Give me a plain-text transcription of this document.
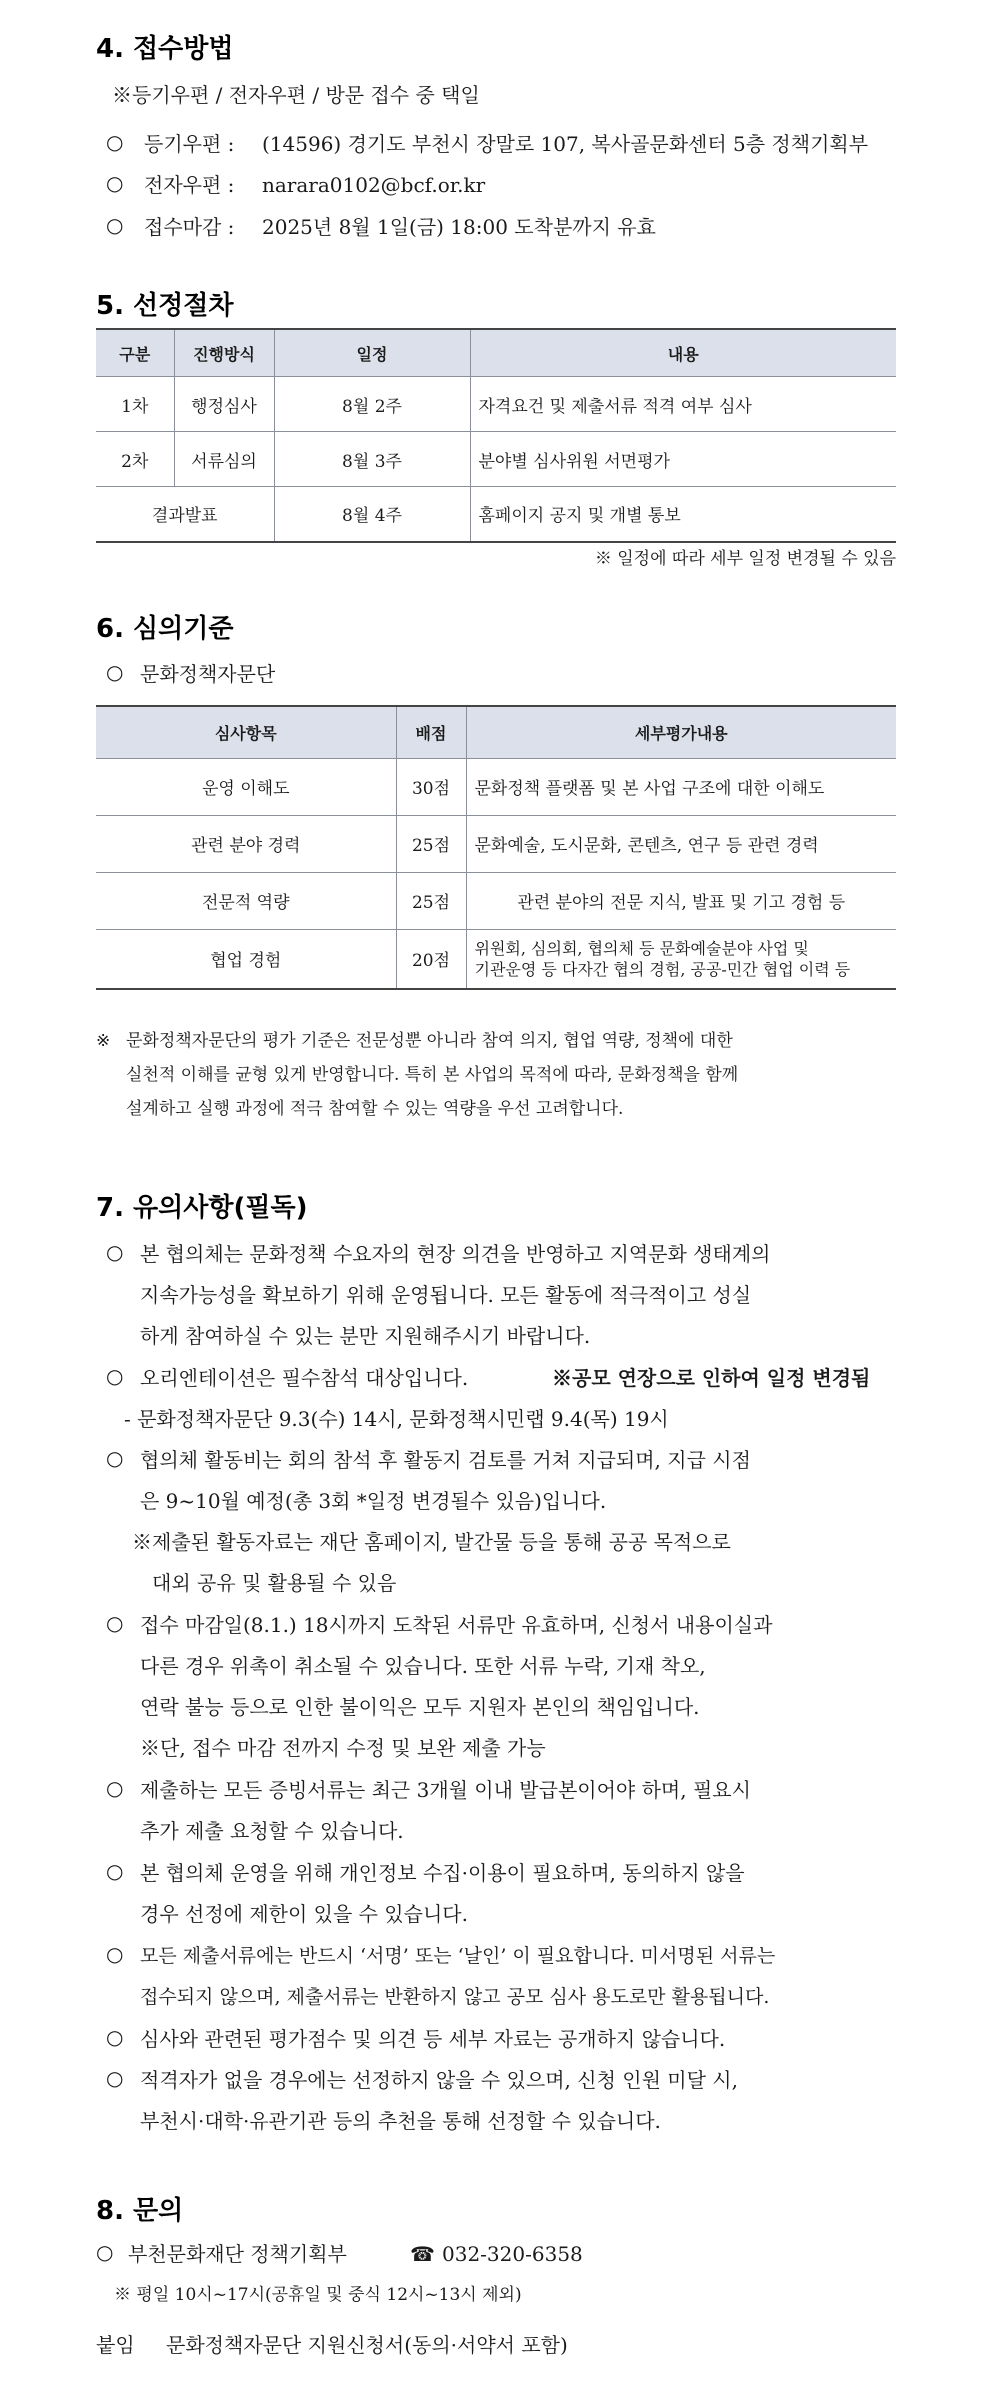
4. 접수방법
※등기우편 / 전자우편 / 방문 접수 중 택일
○ 등기우편 : (14596) 경기도 부천시 장말로 107, 복사골문화센터 5층 정책기획부
○ 전자우편 : narara0102@bcf.or.kr
○ 접수마감 : 2025년 8월 1일(금) 18:00 도착분까지 유효
5. 선정절차
구분	진행방식	일정	내용
1차	행정심사	8월 2주	자격요건 및 제출서류 적격 여부 심사
2차	서류심의	8월 3주	분야별 심사위원 서면평가
결과발표		8월 4주	홈페이지 공지 및 개별 통보
※ 일정에 따라 세부 일정 변경될 수 있음
6. 심의기준
○ 문화정책자문단
심사항목	배점	세부평가내용
운영 이해도	30점	문화정책 플랫폼 및 본 사업 구조에 대한 이해도
관련 분야 경력	25점	문화예술, 도시문화, 콘텐츠, 연구 등 관련 경력
전문적 역량	25점	관련 분야의 전문 지식, 발표 및 기고 경험 등
협업 경험	20점	위원회, 심의회, 협의체 등 문화예술분야 사업 및
기관운영 등 다자간 협의 경험, 공공-민간 협업 이력 등
※ 문화정책자문단의 평가 기준은 전문성뿐 아니라 참여 의지, 협업 역량, 정책에 대한
실천적 이해를 균형 있게 반영합니다. 특히 본 사업의 목적에 따라, 문화정책을 함께
설계하고 실행 과정에 적극 참여할 수 있는 역량을 우선 고려합니다.
7. 유의사항(필독)
○ 본 협의체는 문화정책 수요자의 현장 의견을 반영하고 지역문화 생태계의
지속가능성을 확보하기 위해 운영됩니다. 모든 활동에 적극적이고 성실
하게 참여하실 수 있는 분만 지원해주시기 바랍니다.
○ 오리엔테이션은 필수참석 대상입니다.	※공모 연장으로 인하여 일정 변경됨
- 문화정책자문단 9.3(수) 14시, 문화정책시민랩 9.4(목) 19시
○ 협의체 활동비는 회의 참석 후 활동지 검토를 거쳐 지급되며, 지급 시점
은 9~10월 예정(총 3회 *일정 변경될수 있음)입니다.
※제출된 활동자료는 재단 홈페이지, 발간물 등을 통해 공공 목적으로
대외 공유 및 활용될 수 있음
○ 접수 마감일(8.1.) 18시까지 도착된 서류만 유효하며, 신청서 내용이실과
다른 경우 위촉이 취소될 수 있습니다. 또한 서류 누락, 기재 착오,
연락 불능 등으로 인한 불이익은 모두 지원자 본인의 책임입니다.
※단, 접수 마감 전까지 수정 및 보완 제출 가능
○ 제출하는 모든 증빙서류는 최근 3개월 이내 발급본이어야 하며, 필요시
추가 제출 요청할 수 있습니다.
○ 본 협의체 운영을 위해 개인정보 수집·이용이 필요하며, 동의하지 않을
경우 선정에 제한이 있을 수 있습니다.
○ 모든 제출서류에는 반드시 ‘서명’ 또는 ‘날인’ 이 필요합니다. 미서명된 서류는
접수되지 않으며, 제출서류는 반환하지 않고 공모 심사 용도로만 활용됩니다.
○ 심사와 관련된 평가점수 및 의견 등 세부 자료는 공개하지 않습니다.
○ 적격자가 없을 경우에는 선정하지 않을 수 있으며, 신청 인원 미달 시,
부천시·대학·유관기관 등의 추천을 통해 선정할 수 있습니다.
8. 문의
○ 부천문화재단 정책기획부	☎ 032-320-6358
※ 평일 10시~17시(공휴일 및 중식 12시~13시 제외)
붙임 문화정책자문단 지원신청서(동의·서약서 포함)
